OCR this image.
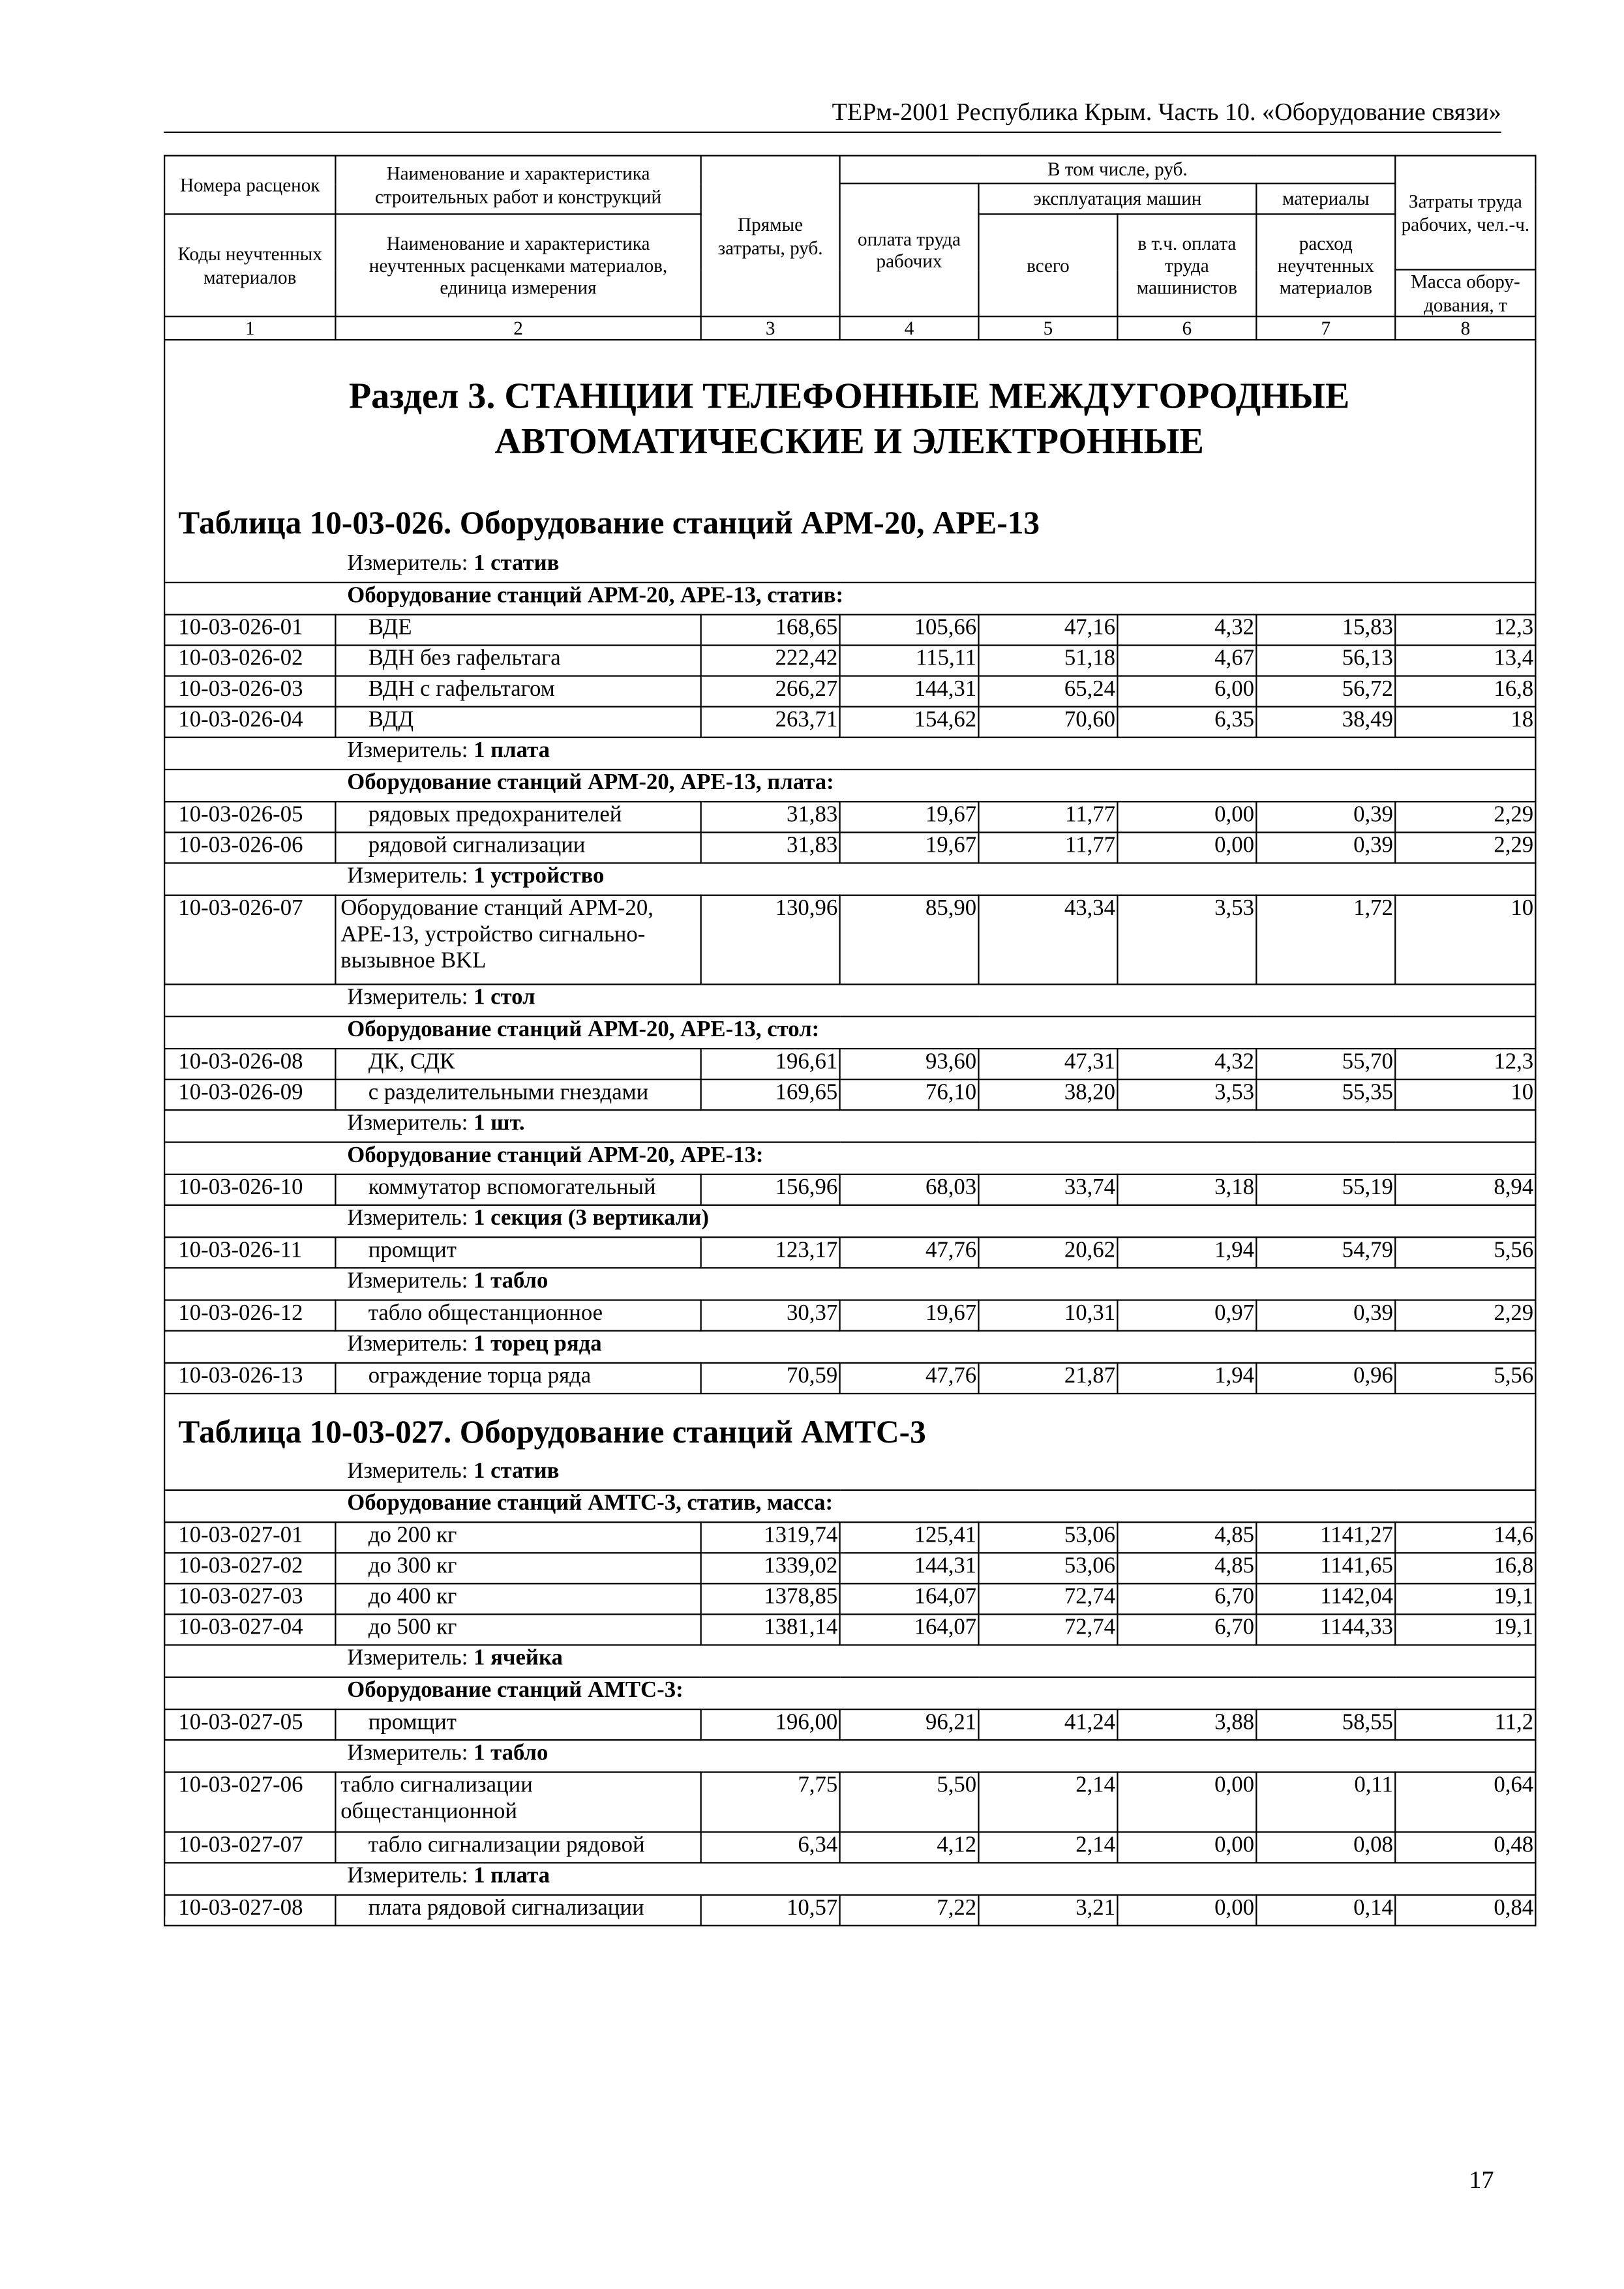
ТЕРм-2001 Республика Крым. Часть 10. «Оборудование связи»
Номера расценок	Наименование и характеристика строительных работ и конструкций	Прямые затраты, руб.	В том числе, руб.				Затраты труда рабочих, чел.-ч.
			оплата труда рабочих	эксплуатация машин		материалы	
Коды неучтенных материалов	Наименование и характеристика неучтенных расценками материалов, единица измерения			всего	в т.ч. оплата труда машинистов	расход неучтенных материалов	
							Масса обору-дования, т
1	2	3	4	5	6	7	8
Раздел 3. СТАНЦИИ ТЕЛЕФОННЫЕ МЕЖДУГОРОДНЫЕ АВТОМАТИЧЕСКИЕ И ЭЛЕКТРОННЫЕ
Таблица 10-03-026. Оборудование станций АРМ-20, АРЕ-13
	Измеритель: 1 статив						
	Оборудование станций АРМ-20, АРЕ-13, статив:						
10-03-026-01	ВДЕ	168,65	105,66	47,16	4,32	15,83	12,3
10-03-026-02	ВДН без гафельтага	222,42	115,11	51,18	4,67	56,13	13,4
10-03-026-03	ВДН с гафельтагом	266,27	144,31	65,24	6,00	56,72	16,8
10-03-026-04	ВДД	263,71	154,62	70,60	6,35	38,49	18
	Измеритель: 1 плата						
	Оборудование станций АРМ-20, АРЕ-13, плата:						
10-03-026-05	рядовых предохранителей	31,83	19,67	11,77	0,00	0,39	2,29
10-03-026-06	рядовой сигнализации	31,83	19,67	11,77	0,00	0,39	2,29
	Измеритель: 1 устройство						
10-03-026-07	Оборудование станций АРМ-20, АРЕ-13, устройство сигнально-вызывное BKL	130,96	85,90	43,34	3,53	1,72	10
	Измеритель: 1 стол						
	Оборудование станций АРМ-20, АРЕ-13, стол:						
10-03-026-08	ДК, СДК	196,61	93,60	47,31	4,32	55,70	12,3
10-03-026-09	с разделительными гнездами	169,65	76,10	38,20	3,53	55,35	10
	Измеритель: 1 шт.						
	Оборудование станций АРМ-20, АРЕ-13:						
10-03-026-10	коммутатор вспомогательный	156,96	68,03	33,74	3,18	55,19	8,94
	Измеритель: 1 секция (3 вертикали)						
10-03-026-11	промщит	123,17	47,76	20,62	1,94	54,79	5,56
	Измеритель: 1 табло						
10-03-026-12	табло общестанционное	30,37	19,67	10,31	0,97	0,39	2,29
	Измеритель: 1 торец ряда						
10-03-026-13	ограждение торца ряда	70,59	47,76	21,87	1,94	0,96	5,56
Таблица 10-03-027. Оборудование станций АМТС-3
	Измеритель: 1 статив						
	Оборудование станций АМТС-3, статив, масса:						
10-03-027-01	до 200 кг	1319,74	125,41	53,06	4,85	1141,27	14,6
10-03-027-02	до 300 кг	1339,02	144,31	53,06	4,85	1141,65	16,8
10-03-027-03	до 400 кг	1378,85	164,07	72,74	6,70	1142,04	19,1
10-03-027-04	до 500 кг	1381,14	164,07	72,74	6,70	1144,33	19,1
	Измеритель: 1 ячейка						
	Оборудование станций АМТС-3:						
10-03-027-05	промщит	196,00	96,21	41,24	3,88	58,55	11,2
	Измеритель: 1 табло						
10-03-027-06	табло сигнализации общестанционной	7,75	5,50	2,14	0,00	0,11	0,64
10-03-027-07	табло сигнализации рядовой	6,34	4,12	2,14	0,00	0,08	0,48
	Измеритель: 1 плата						
10-03-027-08	плата рядовой сигнализации	10,57	7,22	3,21	0,00	0,14	0,84
17
